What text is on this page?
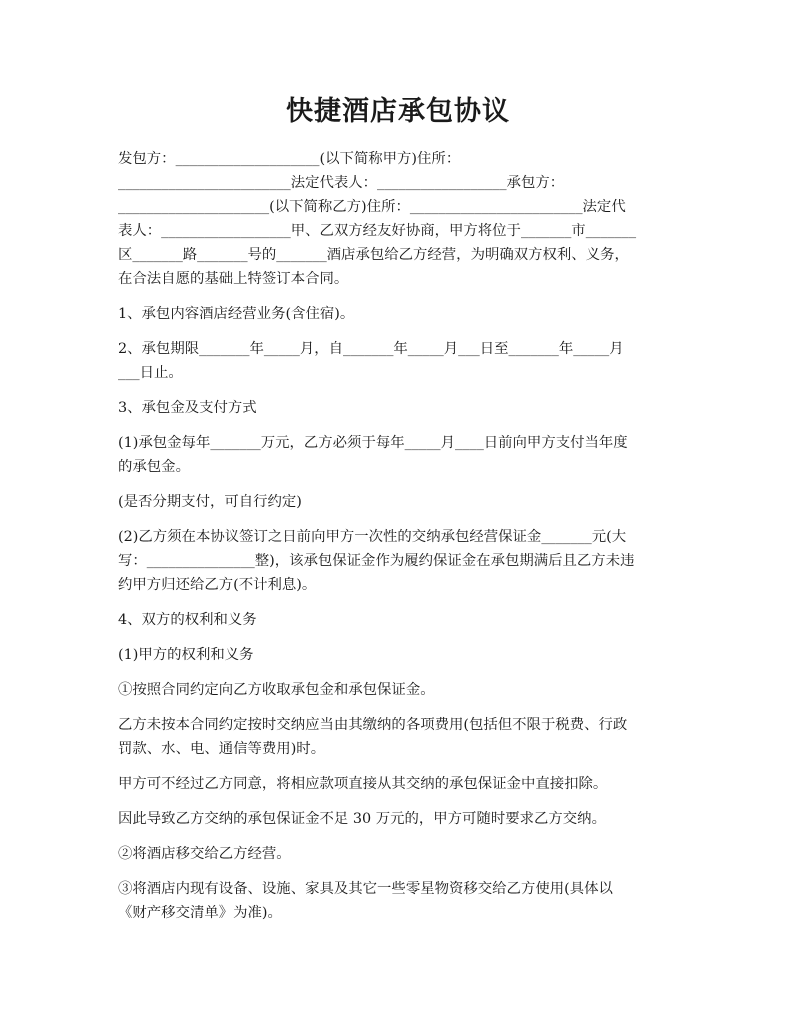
快捷酒店承包协议

发包方：____________________(以下简称甲方)住所：
________________________法定代表人：__________________承包方：
_____________________(以下简称乙方)住所：________________________法定代
表人：__________________甲、乙双方经友好协商，甲方将位于_______市_______
区_______路_______号的_______酒店承包给乙方经营，为明确双方权利、义务，
在合法自愿的基础上特签订本合同。

1、承包内容酒店经营业务(含住宿)。

2、承包期限_______年_____月，自_______年_____月___日至_______年_____月
___日止。

3、承包金及支付方式

(1)承包金每年_______万元，乙方必须于每年_____月____日前向甲方支付当年度
的承包金。

(是否分期支付，可自行约定)

(2)乙方须在本协议签订之日前向甲方一次性的交纳承包经营保证金_______元(大
写：_______________整)，该承包保证金作为履约保证金在承包期满后且乙方未违
约甲方归还给乙方(不计利息)。

4、双方的权利和义务

(1)甲方的权利和义务

①按照合同约定向乙方收取承包金和承包保证金。

乙方未按本合同约定按时交纳应当由其缴纳的各项费用(包括但不限于税费、行政
罚款、水、电、通信等费用)时。

甲方可不经过乙方同意，将相应款项直接从其交纳的承包保证金中直接扣除。

因此导致乙方交纳的承包保证金不足 30 万元的，甲方可随时要求乙方交纳。

②将酒店移交给乙方经营。

③将酒店内现有设备、设施、家具及其它一些零星物资移交给乙方使用(具体以
《财产移交清单》为准)。
